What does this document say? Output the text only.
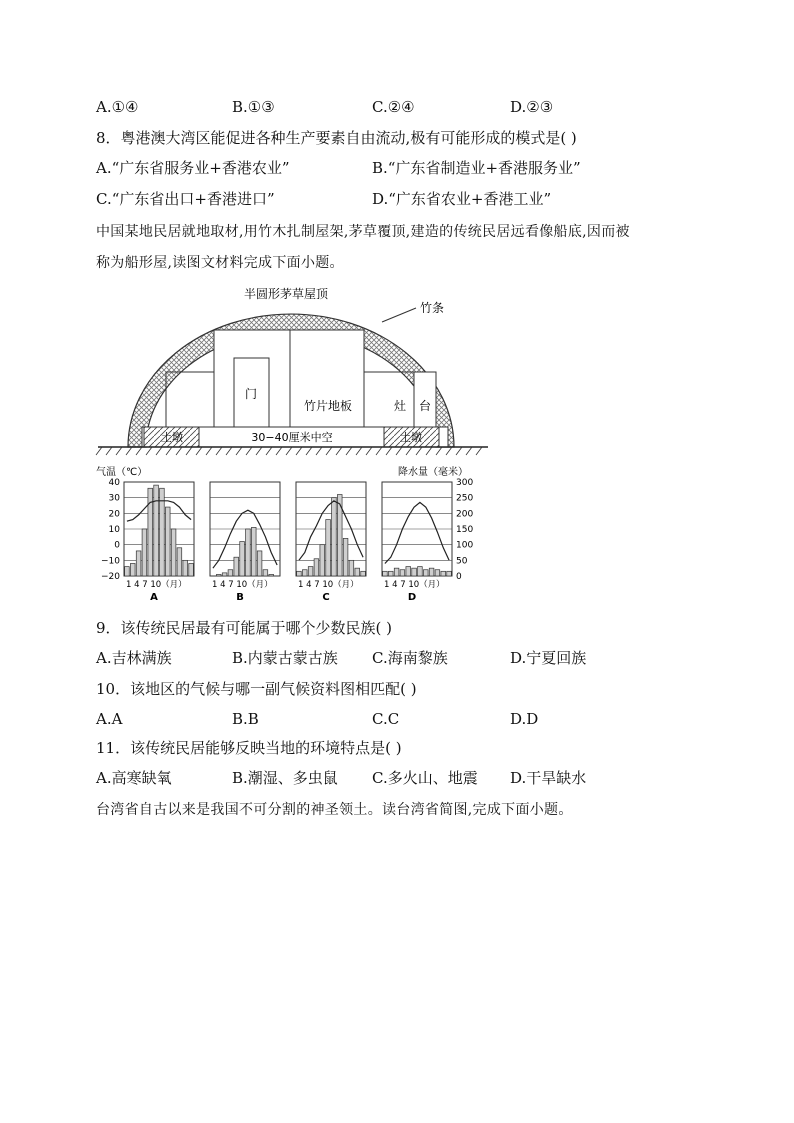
A.①④	B.①③	C.②④	D.②③
8．粤港澳大湾区能促进各种生产要素自由流动,极有可能形成的模式是( )
A.“广东省服务业+香港农业”	B.“广东省制造业+香港服务业”
C.“广东省出口+香港进口”	D.“广东省农业+香港工业”
中国某地民居就地取材,用竹木扎制屋架,茅草覆顶,建造的传统民居远看像船底,因而被
称为船形屋,读图文材料完成下面小题。
半圆形茅草屋顶
竹条
门
竹片地板	灶 台
土墩	土墩
30−40厘米中空
气温（℃）	降水量（毫米）
40
30
20
10
0
−10
−20
300
250
200
150
100
50
0
1 4 7 10（月）
A
1 4 7 10（月）
B
1 4 7 10（月）
C
1 4 7 10（月）
D
9．该传统民居最有可能属于哪个少数民族( )
A.吉林满族	B.内蒙古蒙古族 C.海南黎族	D.宁夏回族
10．该地区的气候与哪一副气候资料图相匹配( )
A.A	B.B	C.C	D.D
11．该传统民居能够反映当地的环境特点是( )
A.高寒缺氧	B.潮湿、多虫鼠 C.多火山、地震 D.干旱缺水
台湾省自古以来是我国不可分割的神圣领土。读台湾省简图,完成下面小题。
